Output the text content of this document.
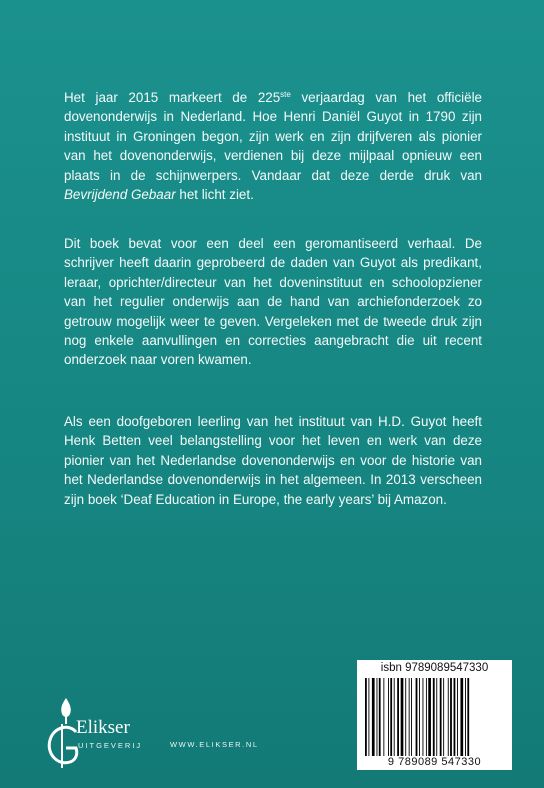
Het jaar 2015 markeert de 225ste verjaardag van het officiële dovenonderwijs in Nederland. Hoe Henri Daniël Guyot in 1790 zijn instituut in Groningen begon, zijn werk en zijn drijfveren als pionier van het dovenonderwijs, verdienen bij deze mijlpaal opnieuw een plaats in de schijnwerpers. Vandaar dat deze derde druk van Bevrijdend Gebaar het licht ziet.

Dit boek bevat voor een deel een geromantiseerd verhaal. De schrijver heeft daarin geprobeerd de daden van Guyot als predikant, leraar, oprichter/directeur van het doveninstituut en schoolopziener van het regulier onderwijs aan de hand van archiefonderzoek zo getrouw mogelijk weer te geven. Vergeleken met de tweede druk zijn nog enkele aanvullingen en correcties aangebracht die uit recent onderzoek naar voren kwamen.

Als een doofgeboren leerling van het instituut van H.D. Guyot heeft Henk Betten veel belangstelling voor het leven en werk van deze pionier van het Nederlandse dovenonderwijs en voor de historie van het Nederlandse dovenonderwijs in het algemeen. In 2013 verscheen zijn boek ‘Deaf Education in Europe, the early years’ bij Amazon.

isbn 9789089547330
9 789089 547330
Elikser
UITGEVERIJ	WWW.ELIKSER.NL
